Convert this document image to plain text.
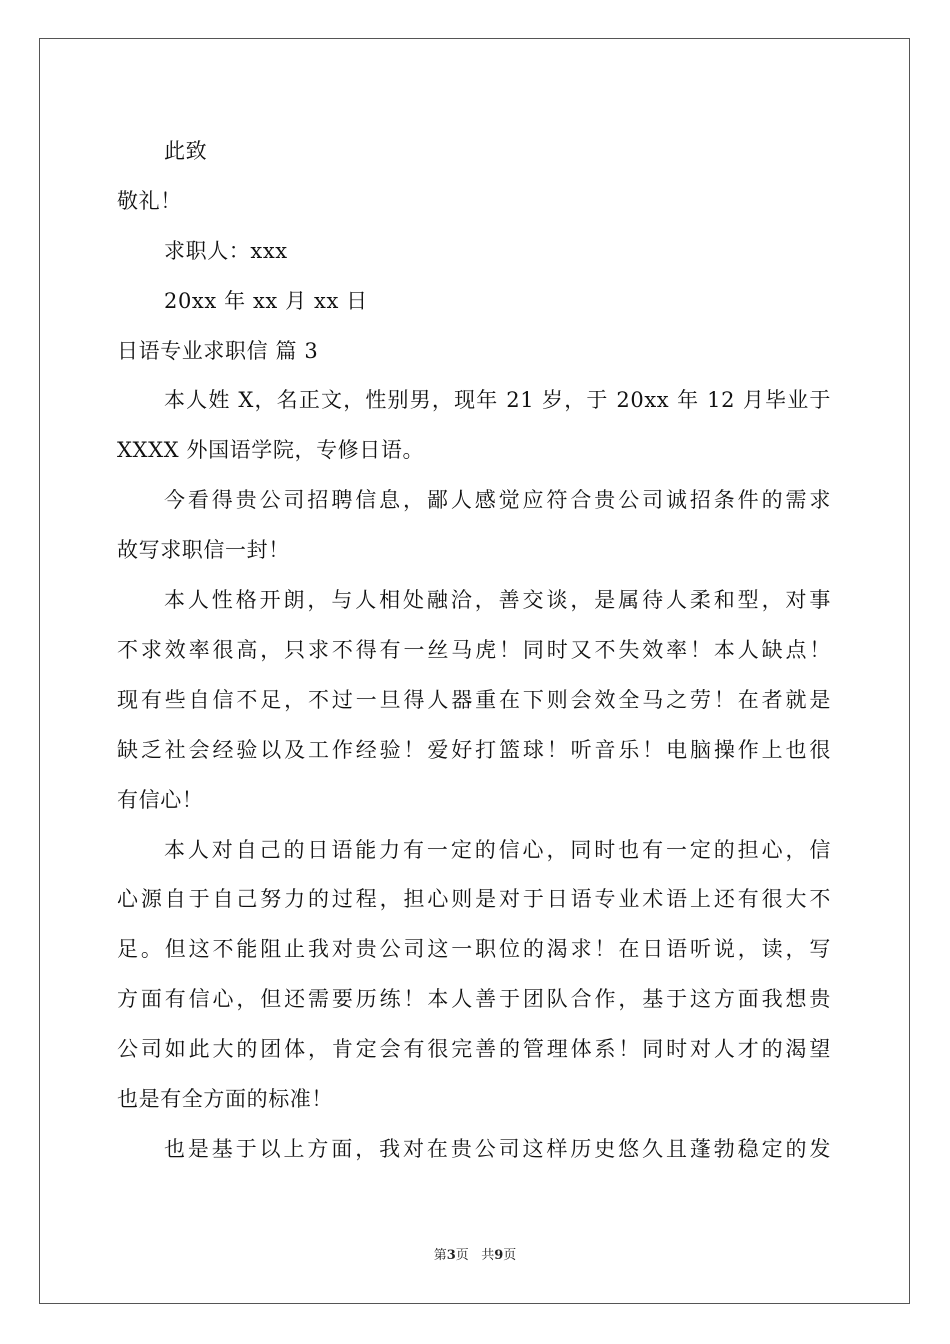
此致
敬礼！
求职人：xxx
20xx 年 xx 月 xx 日
日语专业求职信 篇 3
本人姓 X，名正文，性别男，现年 21 岁，于 20xx 年 12 月毕业于
XXXX 外国语学院，专修日语。
今看得贵公司招聘信息，鄙人感觉应符合贵公司诚招条件的需求
故写求职信一封！
本人性格开朗，与人相处融洽，善交谈，是属待人柔和型，对事
不求效率很高，只求不得有一丝马虎！同时又不失效率！本人缺点！
现有些自信不足，不过一旦得人器重在下则会效全马之劳！在者就是
缺乏社会经验以及工作经验！爱好打篮球！听音乐！电脑操作上也很
有信心！
本人对自己的日语能力有一定的信心，同时也有一定的担心，信
心源自于自己努力的过程，担心则是对于日语专业术语上还有很大不
足。但这不能阻止我对贵公司这一职位的渴求！在日语听说，读，写
方面有信心，但还需要历练！本人善于团队合作，基于这方面我想贵
公司如此大的团体，肯定会有很完善的管理体系！同时对人才的渴望
也是有全方面的标准！
也是基于以上方面，我对在贵公司这样历史悠久且蓬勃稳定的发
第3页   共9页
